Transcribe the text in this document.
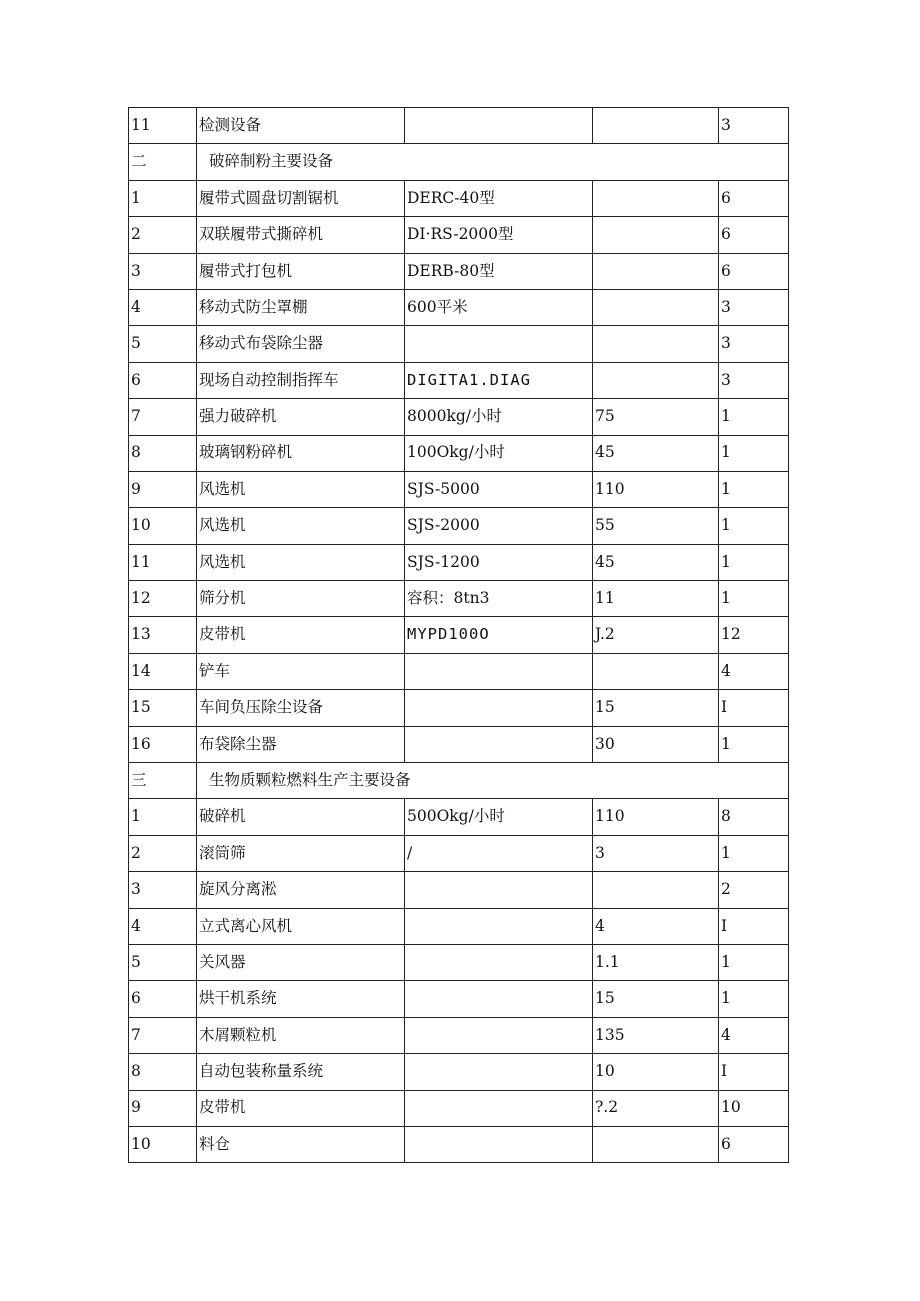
11	检测设备			3
二	破碎制粉主要设备			
1	履带式圆盘切割锯机	DERC-40型		6
2	双联履带式撕碎机	DI·RS-2000型		6
3	履带式打包机	DERB-80型		6
4	移动式防尘罩棚	600平米		3
5	移动式布袋除尘器			3
6	现场自动控制指挥车	DIGITA1.DIAG		3
7	强力破碎机	8000kg/小时	75	1
8	玻璃钢粉碎机	100Okg/小时	45	1
9	风选机	SJS-5000	110	1
10	风选机	SJS-2000	55	1
11	风选机	SJS-1200	45	1
12	筛分机	容积：8tn3	11	1
13	皮带机	MYPD100O	J.2	12
14	铲车			4
15	车间负压除尘设备		15	I
16	布袋除尘器		30	1
三	生物质颗粒燃料生产主要设备			
1	破碎机	500Okg/小时	110	8
2	滚筒筛	/	3	1
3	旋风分离淞			2
4	立式离心风机		4	I
5	关风器		1.1	1
6	烘干机系统		15	1
7	木屑颗粒机		135	4
8	自动包装称量系统		10	I
9	皮带机		?.2	10
10	料仓			6
